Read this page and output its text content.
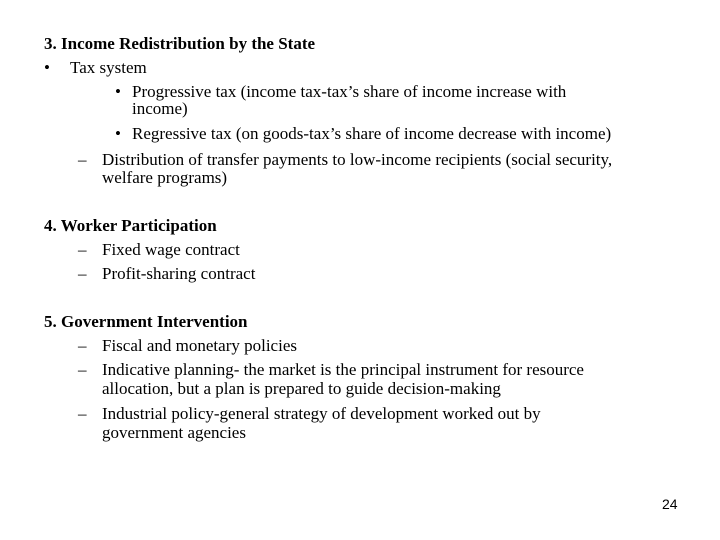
3. Income Redistribution by the State
• Tax system
• Progressive tax (income tax-tax’s share of income increase with
income)
• Regressive tax (on goods-tax’s share of income decrease with income)
– Distribution of transfer payments to low-income recipients (social security,
welfare programs)
4. Worker Participation
– Fixed wage contract
– Profit-sharing contract
5. Government Intervention
– Fiscal and monetary policies
– Indicative planning- the market is the principal instrument for resource
allocation, but a plan is prepared to guide decision-making
– Industrial policy-general strategy of development worked out by
government agencies
24
